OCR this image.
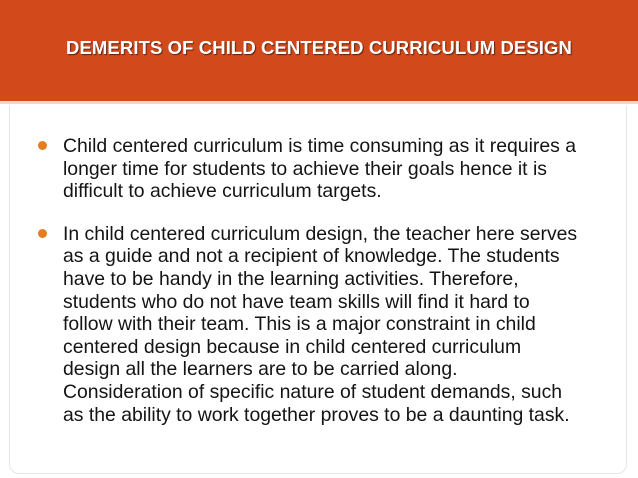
DEMERITS OF CHILD CENTERED CURRICULUM DESIGN
Child centered curriculum is time consuming as it requires a
longer time for students to achieve their goals hence it is
difficult to achieve curriculum targets.
In child centered curriculum design, the teacher here serves
as a guide and not a recipient of knowledge. The students
have to be handy in the learning activities. Therefore,
students who do not have team skills will find it hard to
follow with their team. This is a major constraint in child
centered design because in child centered curriculum
design all the learners are to be carried along.
Consideration of specific nature of student demands, such
as the ability to work together proves to be a daunting task.
